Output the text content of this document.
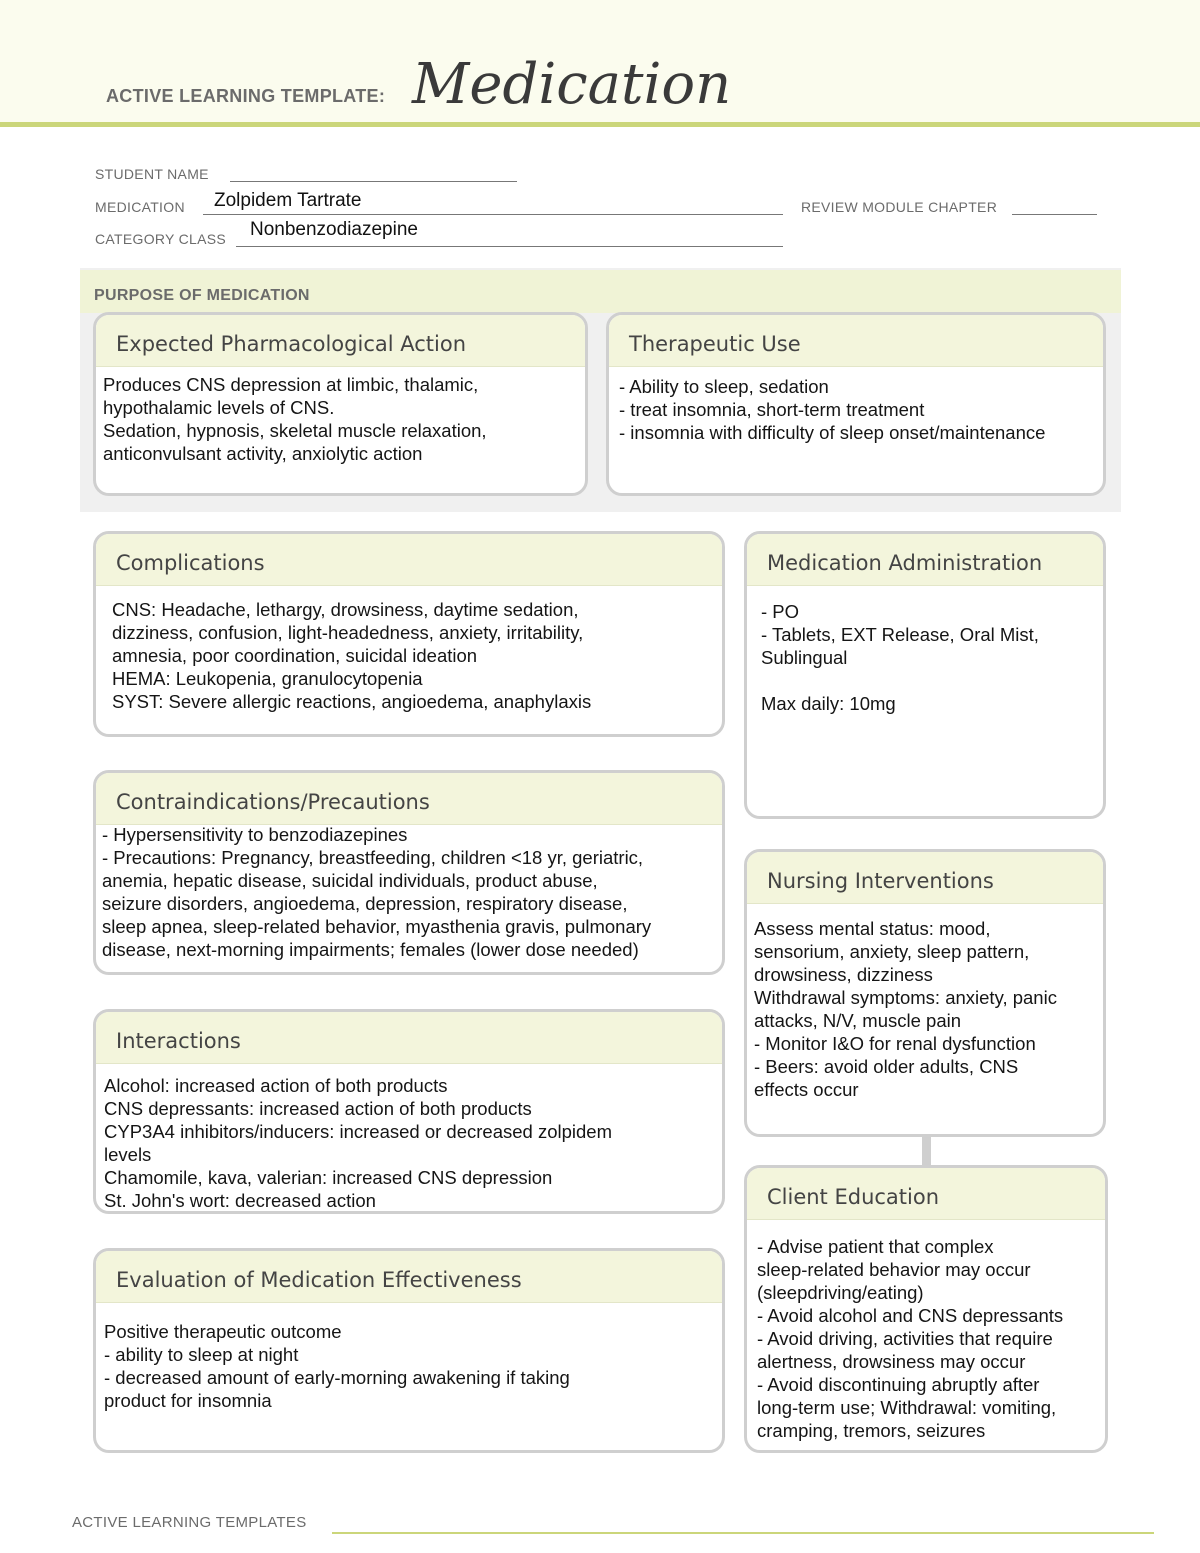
ACTIVE LEARNING TEMPLATE: Medication
STUDENT NAME
MEDICATION Zolpidem Tartrate	REVIEW MODULE CHAPTER
CATEGORY CLASS Nonbenzodiazepine
PURPOSE OF MEDICATION
Expected Pharmacological Action
Produces CNS depression at limbic, thalamic,
hypothalamic levels of CNS.
Sedation, hypnosis, skeletal muscle relaxation,
anticonvulsant activity, anxiolytic action
Therapeutic Use
- Ability to sleep, sedation
- treat insomnia, short-term treatment
- insomnia with difficulty of sleep onset/maintenance
Complications
CNS: Headache, lethargy, drowsiness, daytime sedation,
dizziness, confusion, light-headedness, anxiety, irritability,
amnesia, poor coordination, suicidal ideation
HEMA: Leukopenia, granulocytopenia
SYST: Severe allergic reactions, angioedema, anaphylaxis
Medication Administration
- PO
- Tablets, EXT Release, Oral Mist,
Sublingual

Max daily: 10mg
Contraindications/Precautions
- Hypersensitivity to benzodiazepines
- Precautions: Pregnancy, breastfeeding, children <18 yr, geriatric,
anemia, hepatic disease, suicidal individuals, product abuse,
seizure disorders, angioedema, depression, respiratory disease,
sleep apnea, sleep-related behavior, myasthenia gravis, pulmonary
disease, next-morning impairments; females (lower dose needed)
Nursing Interventions
Assess mental status: mood,
sensorium, anxiety, sleep pattern,
drowsiness, dizziness
Withdrawal symptoms: anxiety, panic
attacks, N/V, muscle pain
- Monitor I&O for renal dysfunction
- Beers: avoid older adults, CNS
effects occur
Interactions
Alcohol: increased action of both products
CNS depressants: increased action of both products
CYP3A4 inhibitors/inducers: increased or decreased zolpidem
levels
Chamomile, kava, valerian: increased CNS depression
St. John's wort: decreased action	Client Education
- Advise patient that complex
sleep-related behavior may occur
(sleepdriving/eating)
- Avoid alcohol and CNS depressants
- Avoid driving, activities that require
alertness, drowsiness may occur
- Avoid discontinuing abruptly after
long-term use; Withdrawal: vomiting,
cramping, tremors, seizures
Evaluation of Medication Effectiveness
Positive therapeutic outcome
- ability to sleep at night
- decreased amount of early-morning awakening if taking
product for insomnia
ACTIVE LEARNING TEMPLATES
